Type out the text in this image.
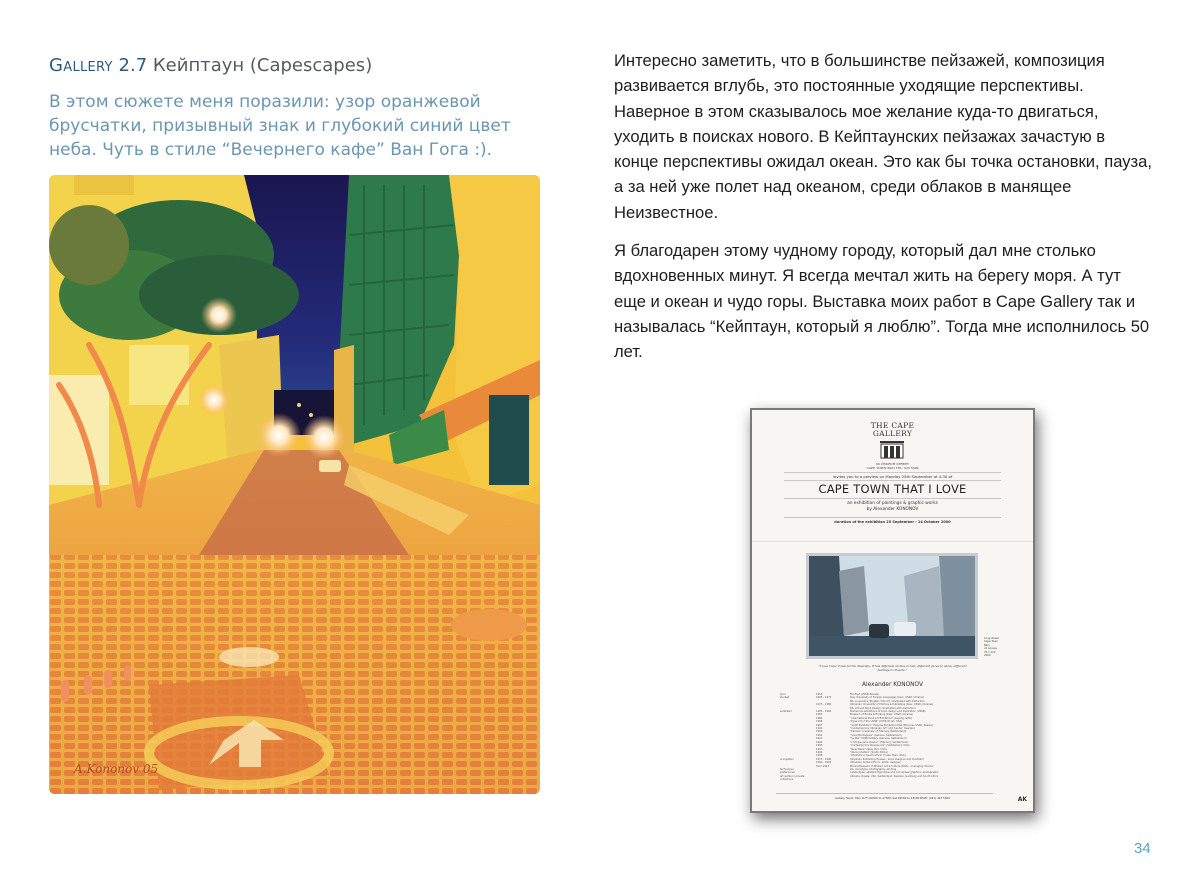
Gallery 2.7 Кейптаун (Capescapes)
В этом сюжете меня поразили: узор оранжевой брусчатки, призывный знак и глубокий синий цвет неба. Чуть в стиле “Вечернего кафе” Ван Гога :).
A.Kononov 05

Интересно заметить, что в большинстве пейзажей, композиция развивается вглубь, это постоянные уходящие перспективы. Наверное в этом сказывалось мое желание куда-то двигаться, уходить в поисках нового. В Кейптаунских пейзажах зачастую в конце перспективы ожидал океан. Это как бы точка остановки, пауза, а за ней уже полет над океаном, среди облаков в манящее Неизвестное.

Я благодарен этому чудному городу, который дал мне столько вдохновенных минут. Я всегда мечтал жить на берегу моря. А тут еще и океан и чудо горы. Выставка моих работ в Cape Gallery так и называлась “Кейптаун, который я люблю”. Тогда мне исполнилось 50 лет.

THE CAPE
GALLERY
60 CHURCH STREET
CAPE TOWN 8001 TEL: 023 5309
invites you to a preview on Monday 25th September at 4:30 of
CAPE TOWN THAT I LOVE
an exhibition of paintings & graphic works
by Alexander KONONOV
duration of the exhibition 25 September - 14 October 2000
Long street
Cape Town
Bars
oil canvas
70 x 110
2000
“I love Cape Town for its diversity. It has different stories to tell, different faces to show, different feelings to inspire.”
Alexander KONONOV
born	1950	Far East (USSR, Russia)
studied	1968 - 1973	Kiev University of Foreign Languages (Kiev, USSR, Ukraine)
BA: Linguistics (English, French). Graduated with distinction
1975 - 1980	Ukrainian University of Printing & Publishing (Kiev, USSR, Ukraine)
BA: Art and Book Design. Graduated with distinction
exhibited	1980 - 1990	Numerous exhibitions of book design and illustration (USSR)
1983	Museum of Books & Printing (Kiev, USSR, Ukraine)
1984	“International Book Art Exhibition” (Leipzig, GDR)
1986	“Eyes Art of the USSR” (Ulf Bohl Art, USA)
1987	“Youth Exhibition” Moscow Exhibition Hall (Moscow, USSR, Russia)
1990	“Contemporary Ukrainian Art” (Art Center, Sweden)
1990	“Kinesis” University of Fribourg (Switzerland)
1991	“Sous Montagnes” (Geneva, Switzerland)
1991	“Le Mal” CDRV Gallery (Geneva, Switzerland)
1992	“L’Utopie sans illusion” (Fribourg, Switzerland)
1993	“Contemporary Russian Art” (Switzerland, USA)
1993	“New Wave” (New York, USA)
1994	“Reconciliation” (South Africa)
1998	“Rhythms in South Africa” (Cape Town, RSA)
occupation	1975 - 1990	Ukrainian Publishing Houses - book designer and illustrator
1990 - 1993	Ukrainian Cultural Fund - artist, designer
from 1993	Marvel Museum of Modern Art & Culture (RSA) - managing director
techniques	Oil, monotype, photography, etching
preferences	Landscapes, abstract figurative and conceptual graphics, photographs
art works in private collections
Ukraine, Russia, USA, Switzerland, Sweden, Germany and South Africa
Gallery Hours: Mon to Fri 09h00 to 17h00, Sat 09h00 to 13h00 RSVP: (021) 423 5309	AK
34
